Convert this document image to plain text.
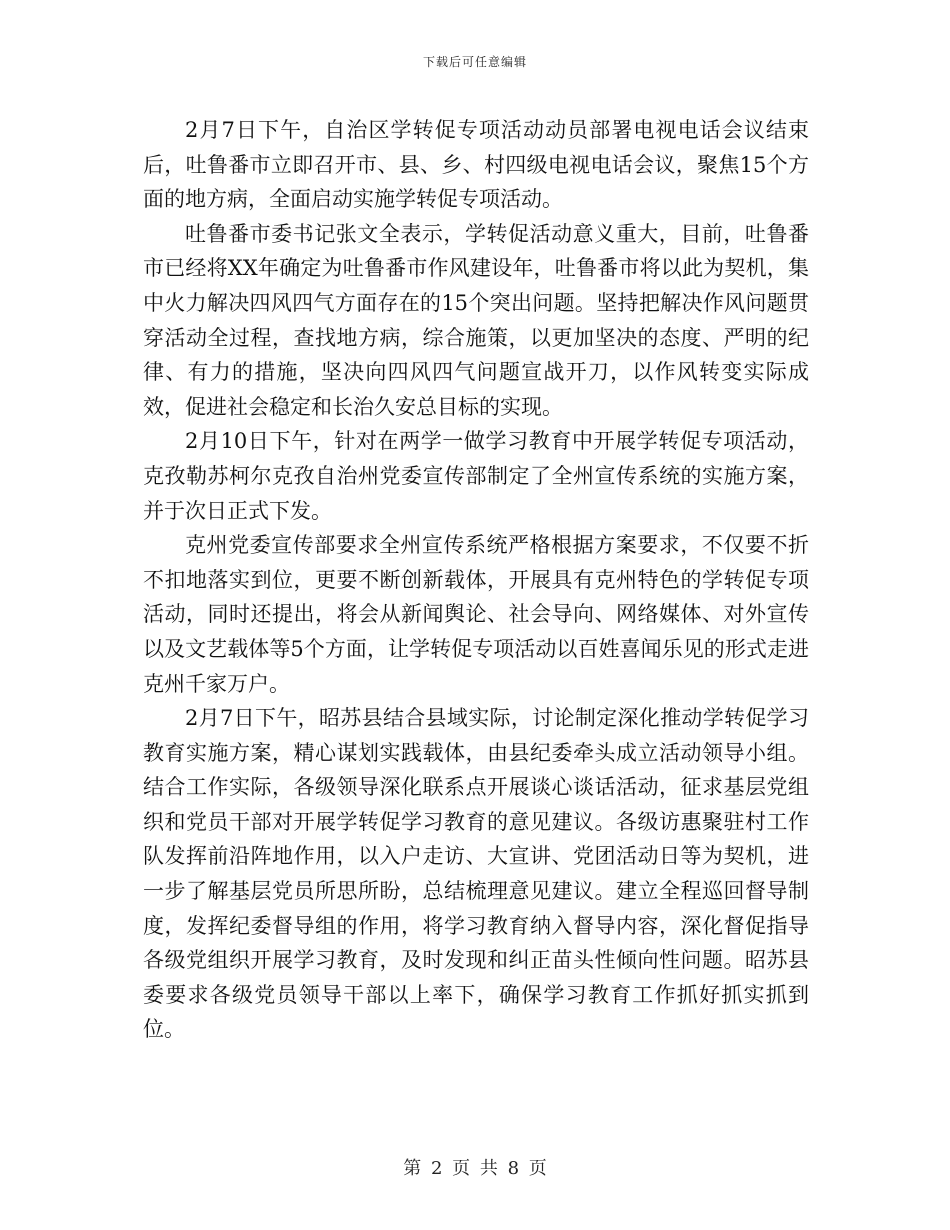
下载后可任意编辑

2月7日下午，自治区学转促专项活动动员部署电视电话会议结束后，吐鲁番市立即召开市、县、乡、村四级电视电话会议，聚焦15个方面的地方病，全面启动实施学转促专项活动。

吐鲁番市委书记张文全表示，学转促活动意义重大，目前，吐鲁番市已经将XX年确定为吐鲁番市作风建设年，吐鲁番市将以此为契机，集中火力解决四风四气方面存在的15个突出问题。坚持把解决作风问题贯穿活动全过程，查找地方病，综合施策，以更加坚决的态度、严明的纪律、有力的措施，坚决向四风四气问题宣战开刀，以作风转变实际成效，促进社会稳定和长治久安总目标的实现。

2月10日下午，针对在两学一做学习教育中开展学转促专项活动，克孜勒苏柯尔克孜自治州党委宣传部制定了全州宣传系统的实施方案，并于次日正式下发。

克州党委宣传部要求全州宣传系统严格根据方案要求，不仅要不折不扣地落实到位，更要不断创新载体，开展具有克州特色的学转促专项活动，同时还提出，将会从新闻舆论、社会导向、网络媒体、对外宣传以及文艺载体等5个方面，让学转促专项活动以百姓喜闻乐见的形式走进克州千家万户。

2月7日下午，昭苏县结合县域实际，讨论制定深化推动学转促学习教育实施方案，精心谋划实践载体，由县纪委牵头成立活动领导小组。结合工作实际，各级领导深化联系点开展谈心谈话活动，征求基层党组织和党员干部对开展学转促学习教育的意见建议。各级访惠聚驻村工作队发挥前沿阵地作用，以入户走访、大宣讲、党团活动日等为契机，进一步了解基层党员所思所盼，总结梳理意见建议。建立全程巡回督导制度，发挥纪委督导组的作用，将学习教育纳入督导内容，深化督促指导各级党组织开展学习教育，及时发现和纠正苗头性倾向性问题。昭苏县委要求各级党员领导干部以上率下，确保学习教育工作抓好抓实抓到位。

第 2 页 共 8 页
